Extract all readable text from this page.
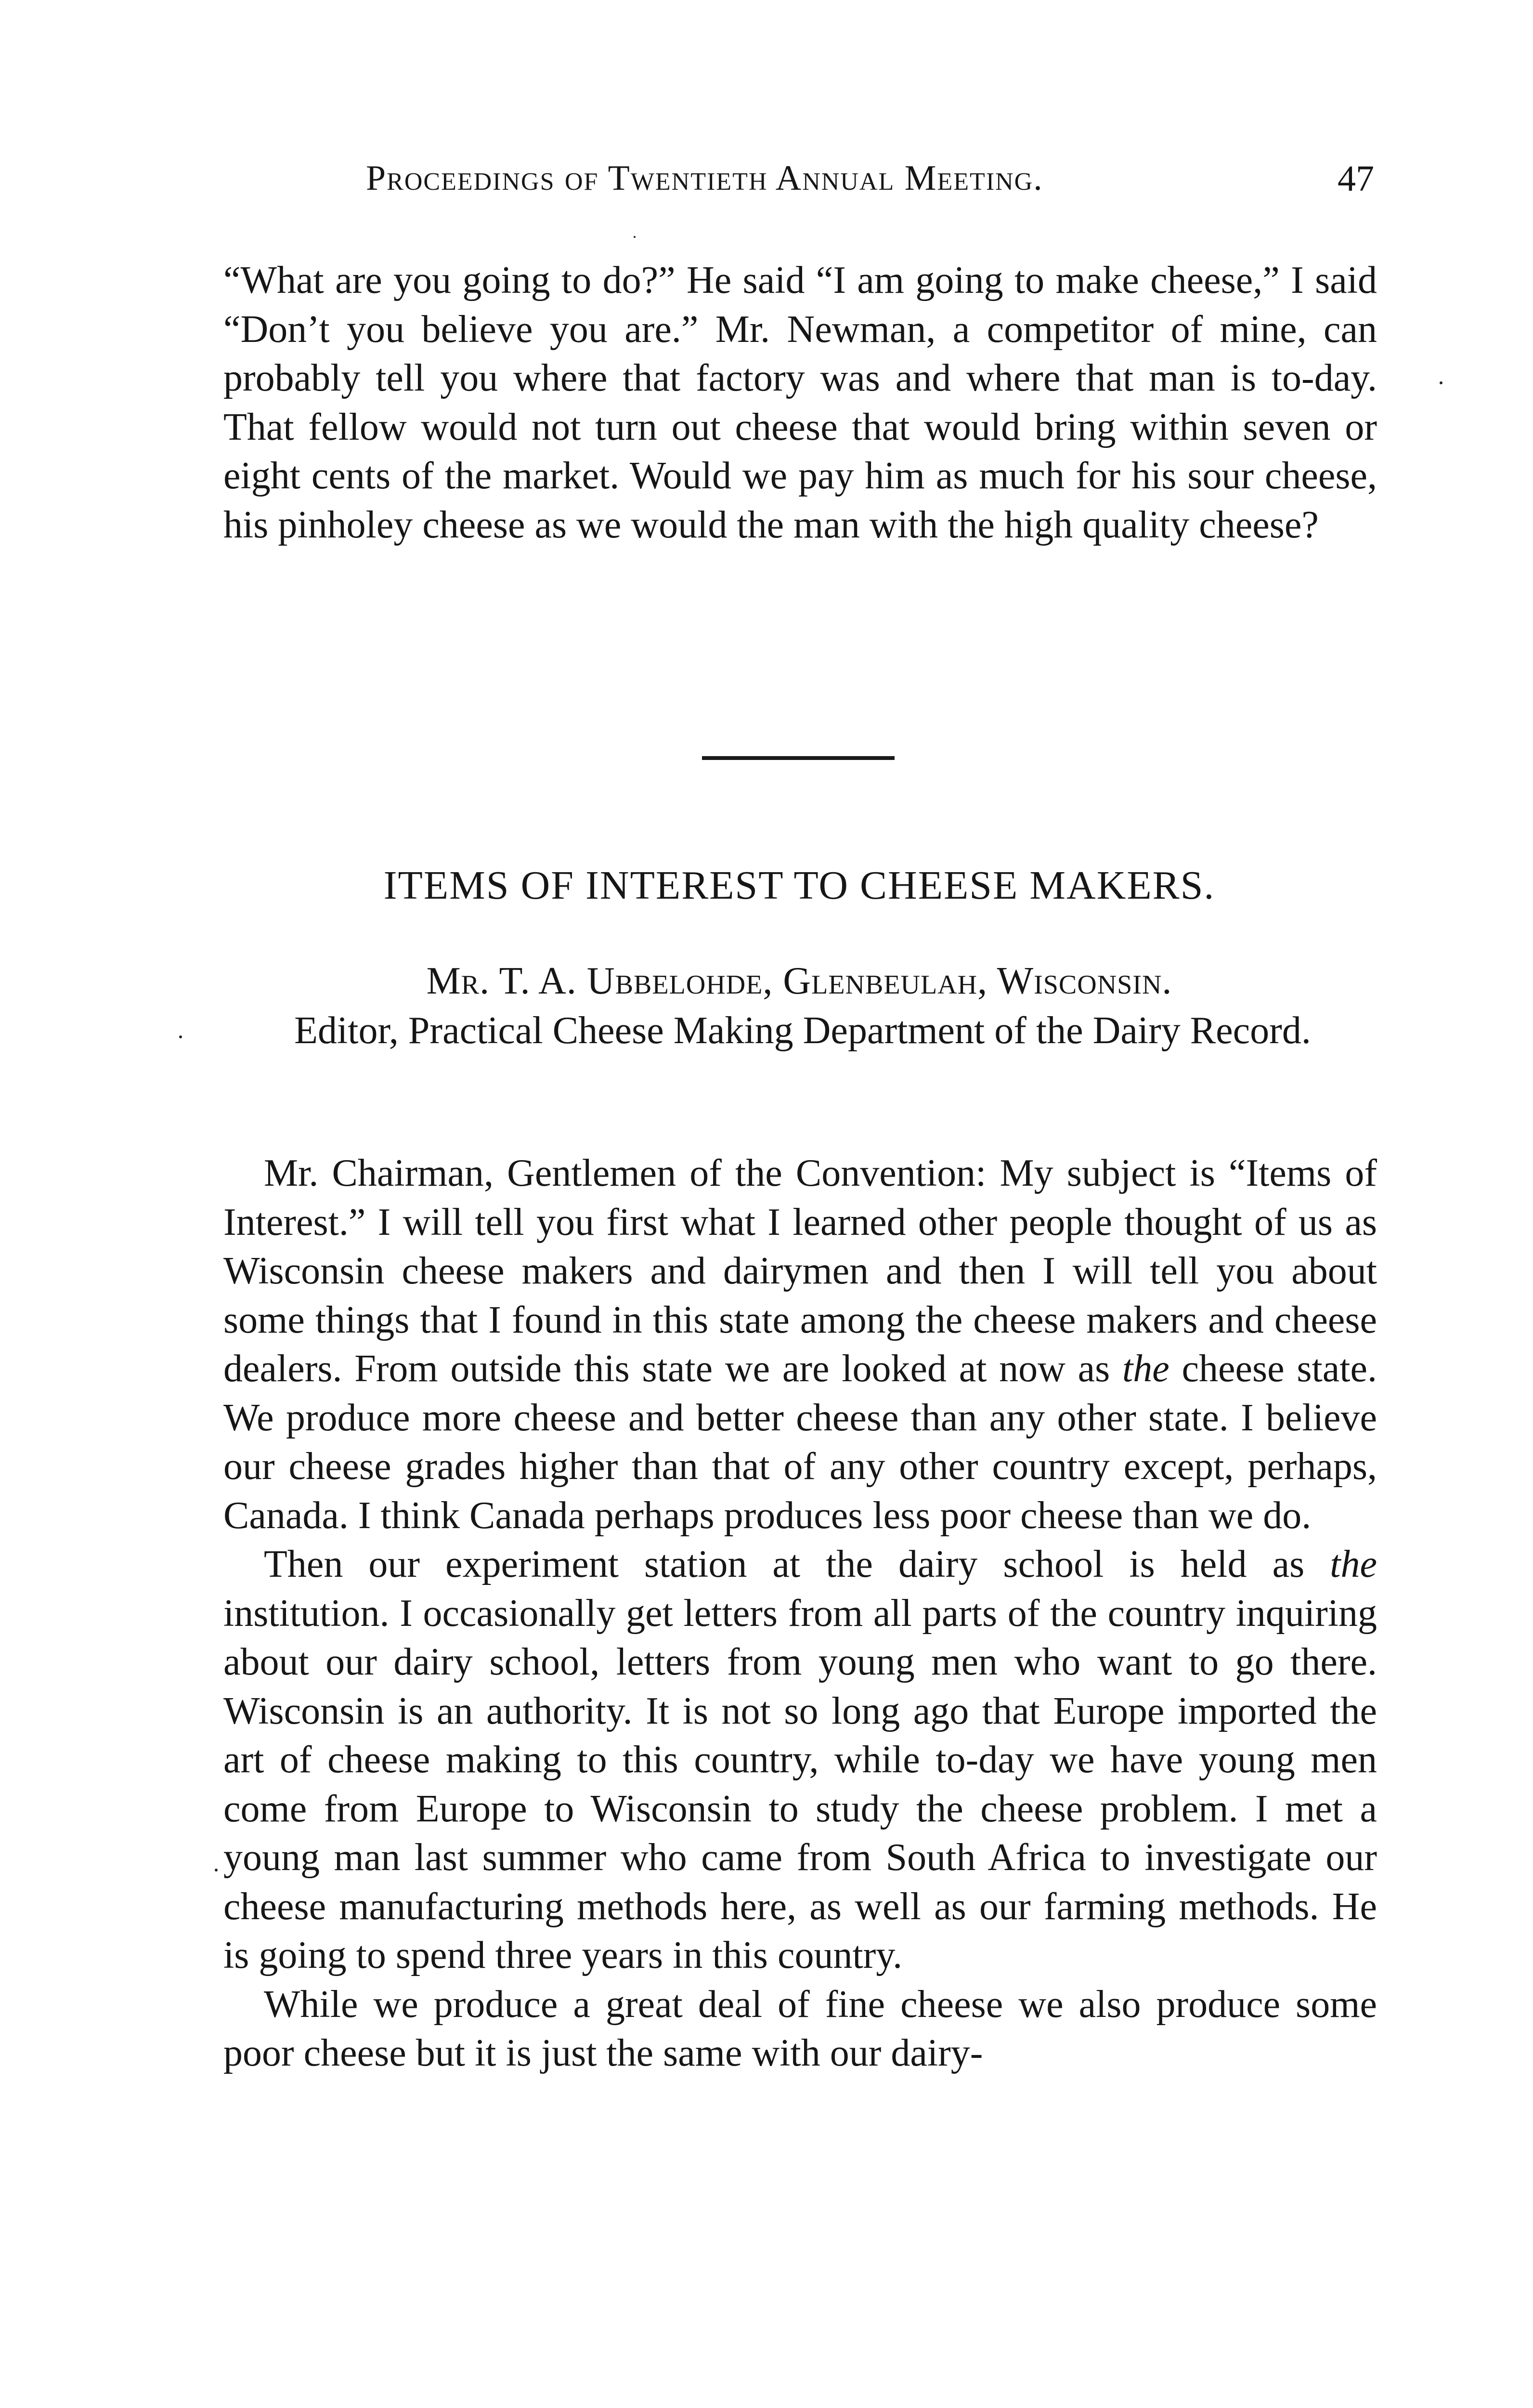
Proceedings of Twentieth Annual Meeting.	47
“What are you going to do?” He said “I am going to make cheese,” I said “Don’t you believe you are.” Mr. Newman, a competitor of mine, can probably tell you where that factory was and where that man is to-day. That fellow would not turn out cheese that would bring within seven or eight cents of the market. Would we pay him as much for his sour cheese, his pinholey cheese as we would the man with the high quality cheese?
ITEMS OF INTEREST TO CHEESE MAKERS.
Mr. T. A. Ubbelohde, Glenbeulah, Wisconsin.
Editor, Practical Cheese Making Department of the Dairy Record.

Mr. Chairman, Gentlemen of the Convention: My subject is “Items of Interest.” I will tell you first what I learned other people thought of us as Wisconsin cheese makers and dairymen and then I will tell you about some things that I found in this state among the cheese makers and cheese dealers. From outside this state we are looked at now as the cheese state. We produce more cheese and better cheese than any other state. I believe our cheese grades higher than that of any other country except, perhaps, Canada. I think Canada perhaps produces less poor cheese than we do.

Then our experiment station at the dairy school is held as the institution. I occasionally get letters from all parts of the country inquiring about our dairy school, letters from young men who want to go there. Wisconsin is an authority. It is not so long ago that Europe imported the art of cheese making to this country, while to-day we have young men come from Europe to Wisconsin to study the cheese problem. I met a young man last summer who came from South Africa to investigate our cheese manufacturing methods here, as well as our farming methods. He is going to spend three years in this country.

While we produce a great deal of fine cheese we also produce some poor cheese but it is just the same with our dairy-
